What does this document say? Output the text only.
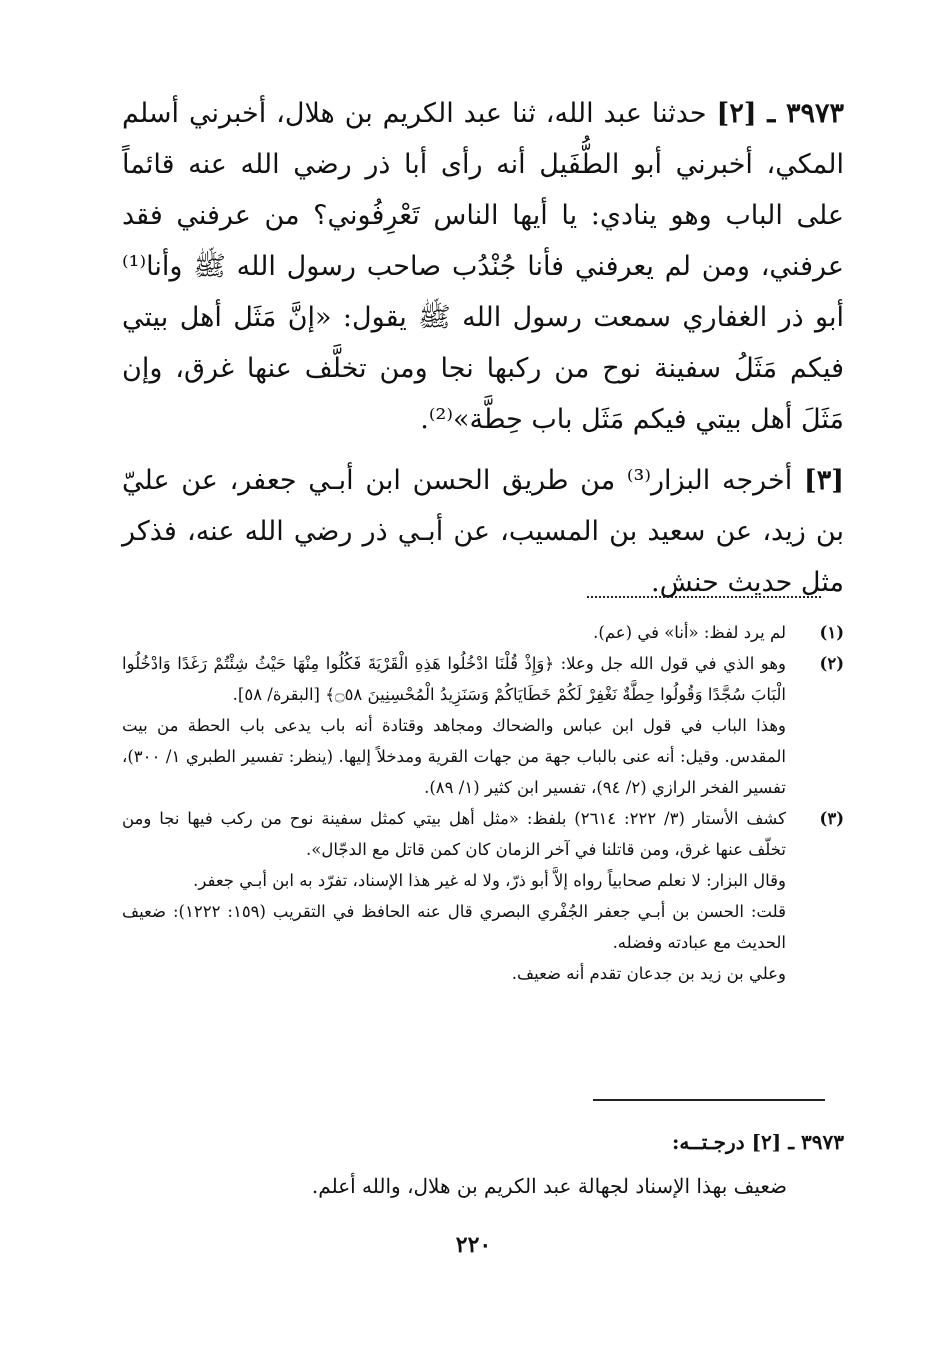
٣٩٧٣ ـ [٢] حدثنا عبد الله، ثنا عبد الكريم بن هلال، أخبرني أسلم المكي، أخبرني أبو الطُّفَيل أنه رأى أبا ذر رضي الله عنه قائماً على الباب وهو ينادي: يا أيها الناس تَعْرِفُوني؟ من عرفني فقد عرفني، ومن لم يعرفني فأنا جُنْدُب صاحب رسول الله ﷺ وأنا⁽¹⁾ أبو ذر الغفاري سمعت رسول الله ﷺ يقول: «إنَّ مَثَل أهل بيتي فيكم مَثَلُ سفينة نوح من ركبها نجا ومن تخلَّف عنها غرق، وإن مَثَلَ أهل بيتي فيكم مَثَل باب حِطَّة»⁽²⁾.

[٣] أخرجه البزار⁽³⁾ من طريق الحسن ابن أبـي جعفر، عن عليّ بن زيد، عن سعيد بن المسيب، عن أبـي ذر رضي الله عنه، فذكر مثل حديث حنش.

(١)

لم يرد لفظ: «أنا» في (عم).

(٢)

وهو الذي في قول الله جل وعلا: ﴿وَإِذْ قُلْنَا ادْخُلُوا هَذِهِ الْقَرْيَةَ فَكُلُوا مِنْهَا حَيْثُ شِئْتُمْ رَغَدًا وَادْخُلُوا الْبَابَ سُجَّدًا وَقُولُوا حِطَّةٌ نَغْفِرْ لَكُمْ خَطَايَاكُمْ وَسَنَزِيدُ الْمُحْسِنِينَ ۝٥٨﴾ [البقرة/ ٥٨].

وهذا الباب في قول ابن عباس والضحاك ومجاهد وقتادة أنه باب يدعى باب الحطة من بيت المقدس. وقيل: أنه عنى بالباب جهة من جهات القرية ومدخلاً إليها. (ينظر: تفسير الطبري ١/ ٣٠٠)، تفسير الفخر الرازي (٢/ ٩٤)، تفسير ابن كثير (١/ ٨٩).

(٣)

كشف الأستار (٣/ ٢٢٢: ٢٦١٤) بلفظ: «مثل أهل بيتي كمثل سفينة نوح من ركب فيها نجا ومن تخلّف عنها غرق، ومن قاتلنا في آخر الزمان كان كمن قاتل مع الدجّال».

وقال البزار: لا نعلم صحابياً رواه إلاَّ أبو ذرّ، ولا له غير هذا الإسناد، تفرّد به ابن أبـي جعفر.

قلت: الحسن بن أبـي جعفر الجُفْري البصري قال عنه الحافظ في التقريب (١٥٩: ١٢٢٢): ضعيف الحديث مع عبادته وفضله.

وعلي بن زيد بن جدعان تقدم أنه ضعيف.

٣٩٧٣ ـ [٢] درجـتــه:

ضعيف بهذا الإسناد لجهالة عبد الكريم بن هلال، والله أعلم.

٢٢٠
